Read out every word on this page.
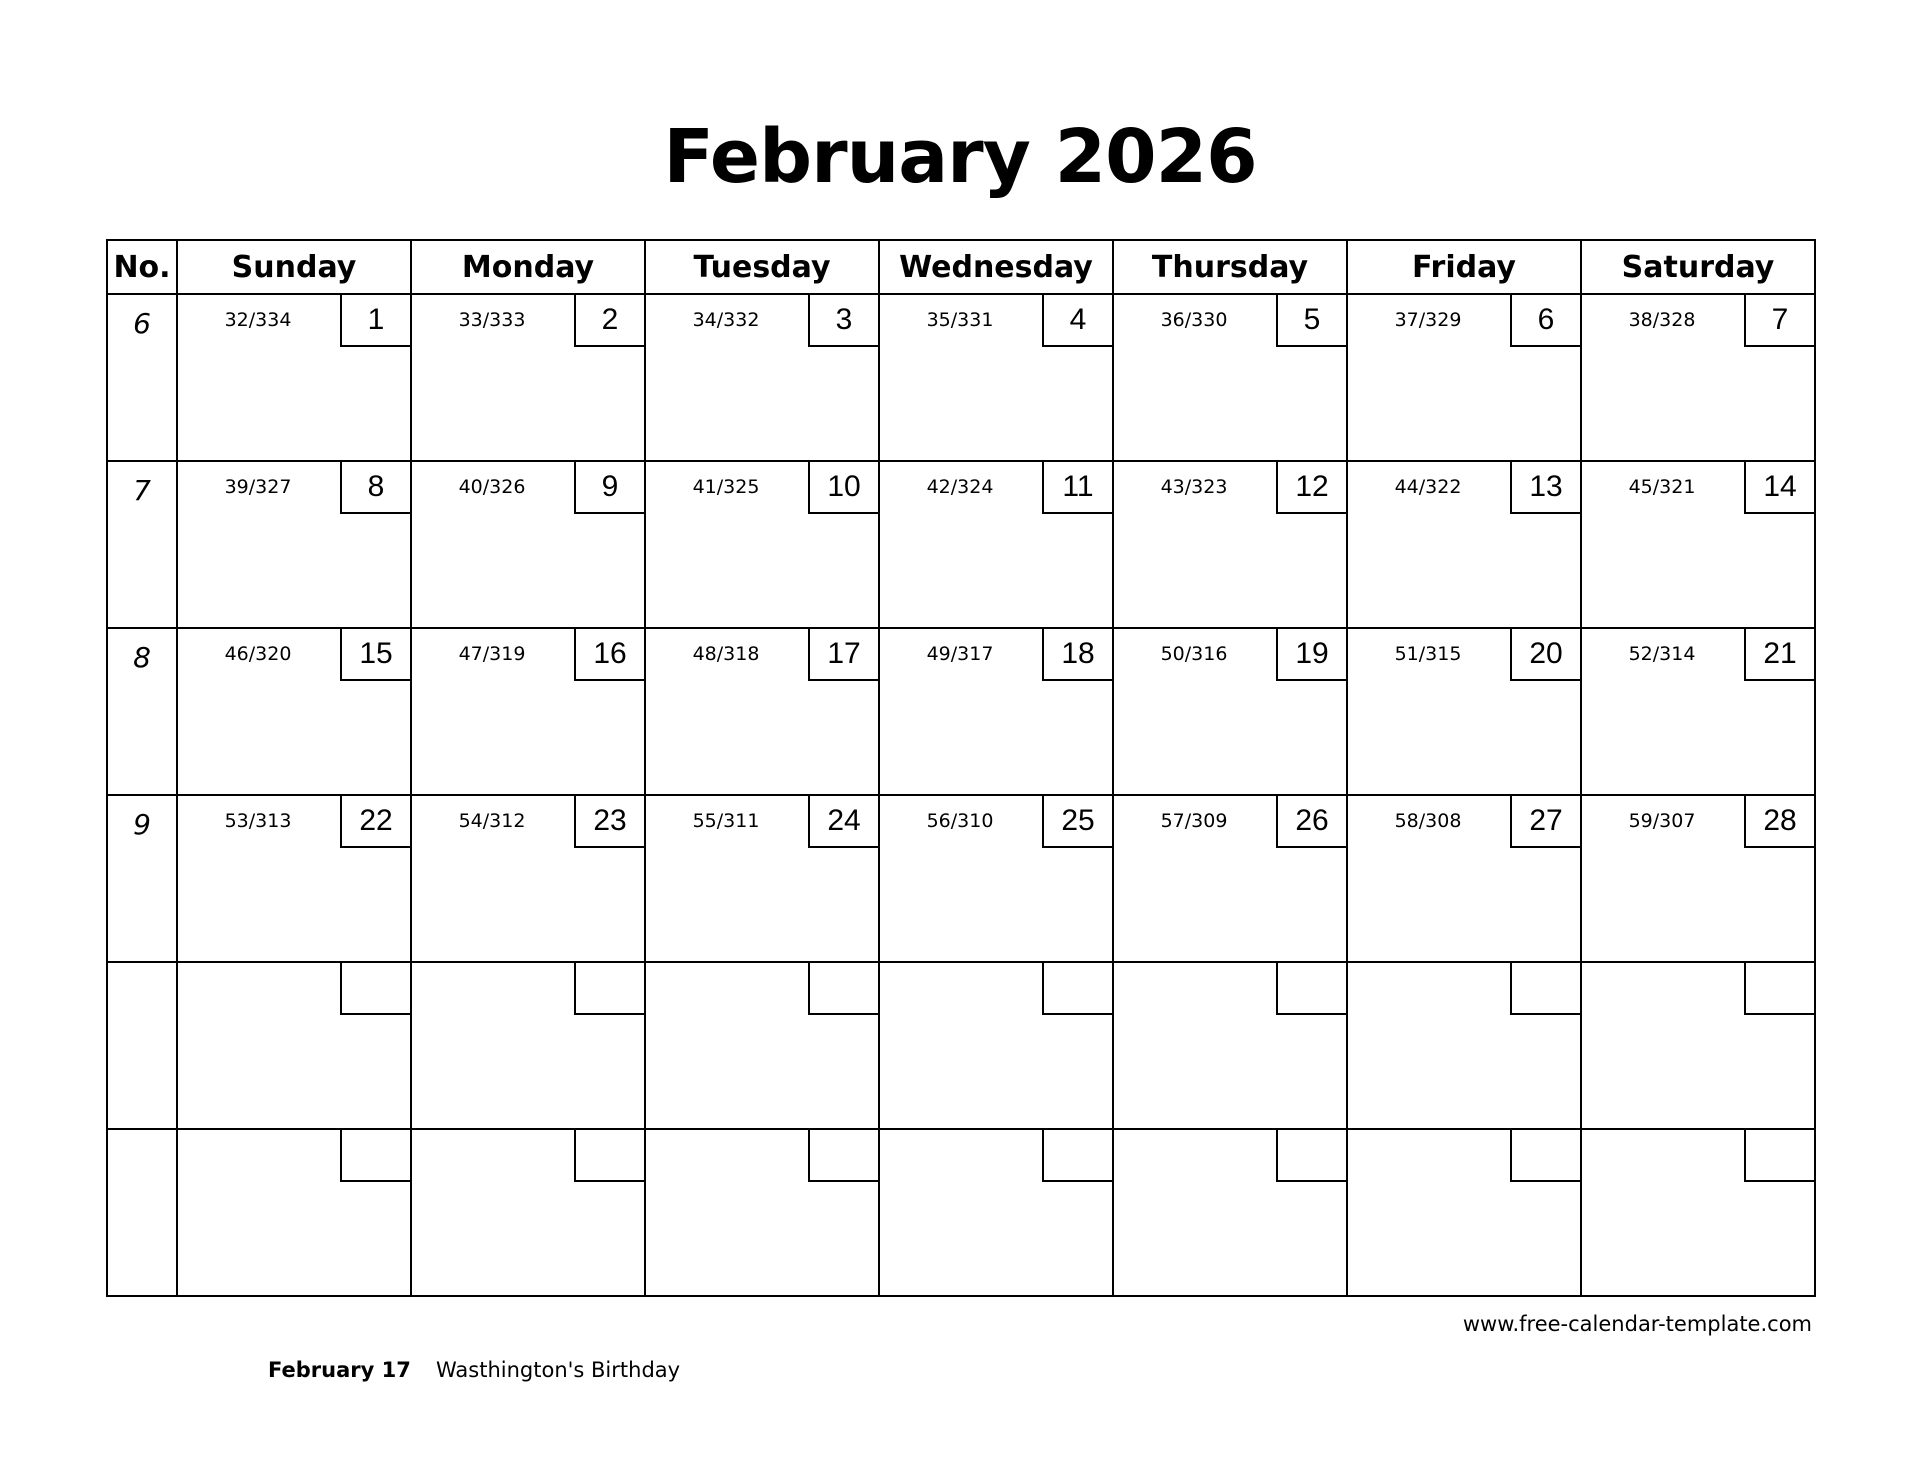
February 2026
No.	Sunday	Monday	Tuesday	Wednesday	Thursday	Friday	Saturday

6	32/334 1	33/333 2	34/332 3	35/331 4	36/330 5	37/329 6	38/328 7

7	39/327 8	40/326 9	41/325 10	42/324 11	43/323 12	44/322 13	45/321 14

8	46/320 15	47/319 16	48/318 17	49/317 18	50/316 19	51/315 20	52/314 21

9	53/313 22	54/312 23	55/311 24	56/310 25	57/309 26	58/308 27	59/307 28

www.free-calendar-template.com
February 17 Wasthington's Birthday
